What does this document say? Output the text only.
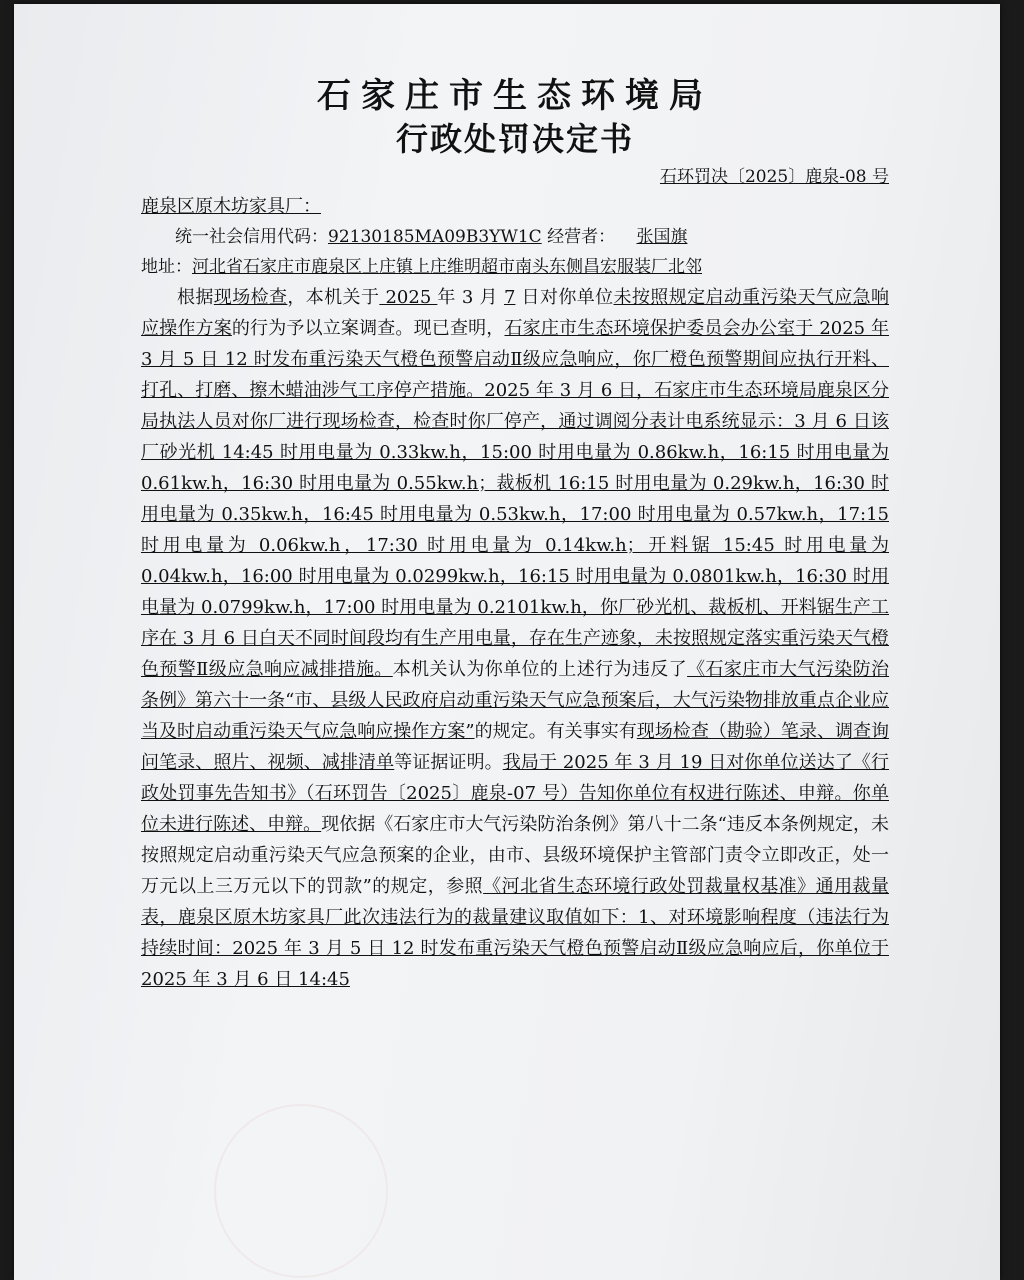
石家庄市生态环境局
行政处罚决定书

石环罚决〔2025〕鹿泉-08 号

鹿泉区原木坊家具厂：

统一社会信用代码：92130185MA09B3YW1C 经营者： 张国旗

地址：河北省石家庄市鹿泉区上庄镇上庄维明超市南头东侧昌宏服装厂北邻

根据现场检查，本机关于 2025 年 3 月 7 日对你单位未按照规定启动重污染天气应急响应操作方案的行为予以立案调查。现已查明，石家庄市生态环境保护委员会办公室于 2025 年 3 月 5 日 12 时发布重污染天气橙色预警启动Ⅱ级应急响应，你厂橙色预警期间应执行开料、打孔、打磨、擦木蜡油涉气工序停产措施。2025 年 3 月 6 日，石家庄市生态环境局鹿泉区分局执法人员对你厂进行现场检查，检查时你厂停产，通过调阅分表计电系统显示：3 月 6 日该厂砂光机 14:45 时用电量为 0.33kw.h，15:00 时用电量为 0.86kw.h，16:15 时用电量为 0.61kw.h，16:30 时用电量为 0.55kw.h；裁板机 16:15 时用电量为 0.29kw.h，16:30 时用电量为 0.35kw.h，16:45 时用电量为 0.53kw.h，17:00 时用电量为 0.57kw.h，17:15 时用电量为 0.06kw.h，17:30 时用电量为 0.14kw.h；开料锯 15:45 时用电量为 0.04kw.h，16:00 时用电量为 0.0299kw.h，16:15 时用电量为 0.0801kw.h，16:30 时用电量为 0.0799kw.h，17:00 时用电量为 0.2101kw.h，你厂砂光机、裁板机、开料锯生产工序在 3 月 6 日白天不同时间段均有生产用电量，存在生产迹象，未按照规定落实重污染天气橙色预警Ⅱ级应急响应减排措施。本机关认为你单位的上述行为违反了《石家庄市大气污染防治条例》第六十一条“市、县级人民政府启动重污染天气应急预案后，大气污染物排放重点企业应当及时启动重污染天气应急响应操作方案”的规定。有关事实有现场检查（勘验）笔录、调查询问笔录、照片、视频、减排清单等证据证明。我局于 2025 年 3 月 19 日对你单位送达了《行政处罚事先告知书》（石环罚告〔2025〕鹿泉-07 号）告知你单位有权进行陈述、申辩。你单位未进行陈述、申辩。现依据《石家庄市大气污染防治条例》第八十二条“违反本条例规定，未按照规定启动重污染天气应急预案的企业，由市、县级环境保护主管部门责令立即改正，处一万元以上三万元以下的罚款”的规定，参照《河北省生态环境行政处罚裁量权基准》通用裁量表，鹿泉区原木坊家具厂此次违法行为的裁量建议取值如下：1、对环境影响程度（违法行为持续时间：2025 年 3 月 5 日 12 时发布重污染天气橙色预警启动Ⅱ级应急响应后，你单位于 2025 年 3 月 6 日 14:45
